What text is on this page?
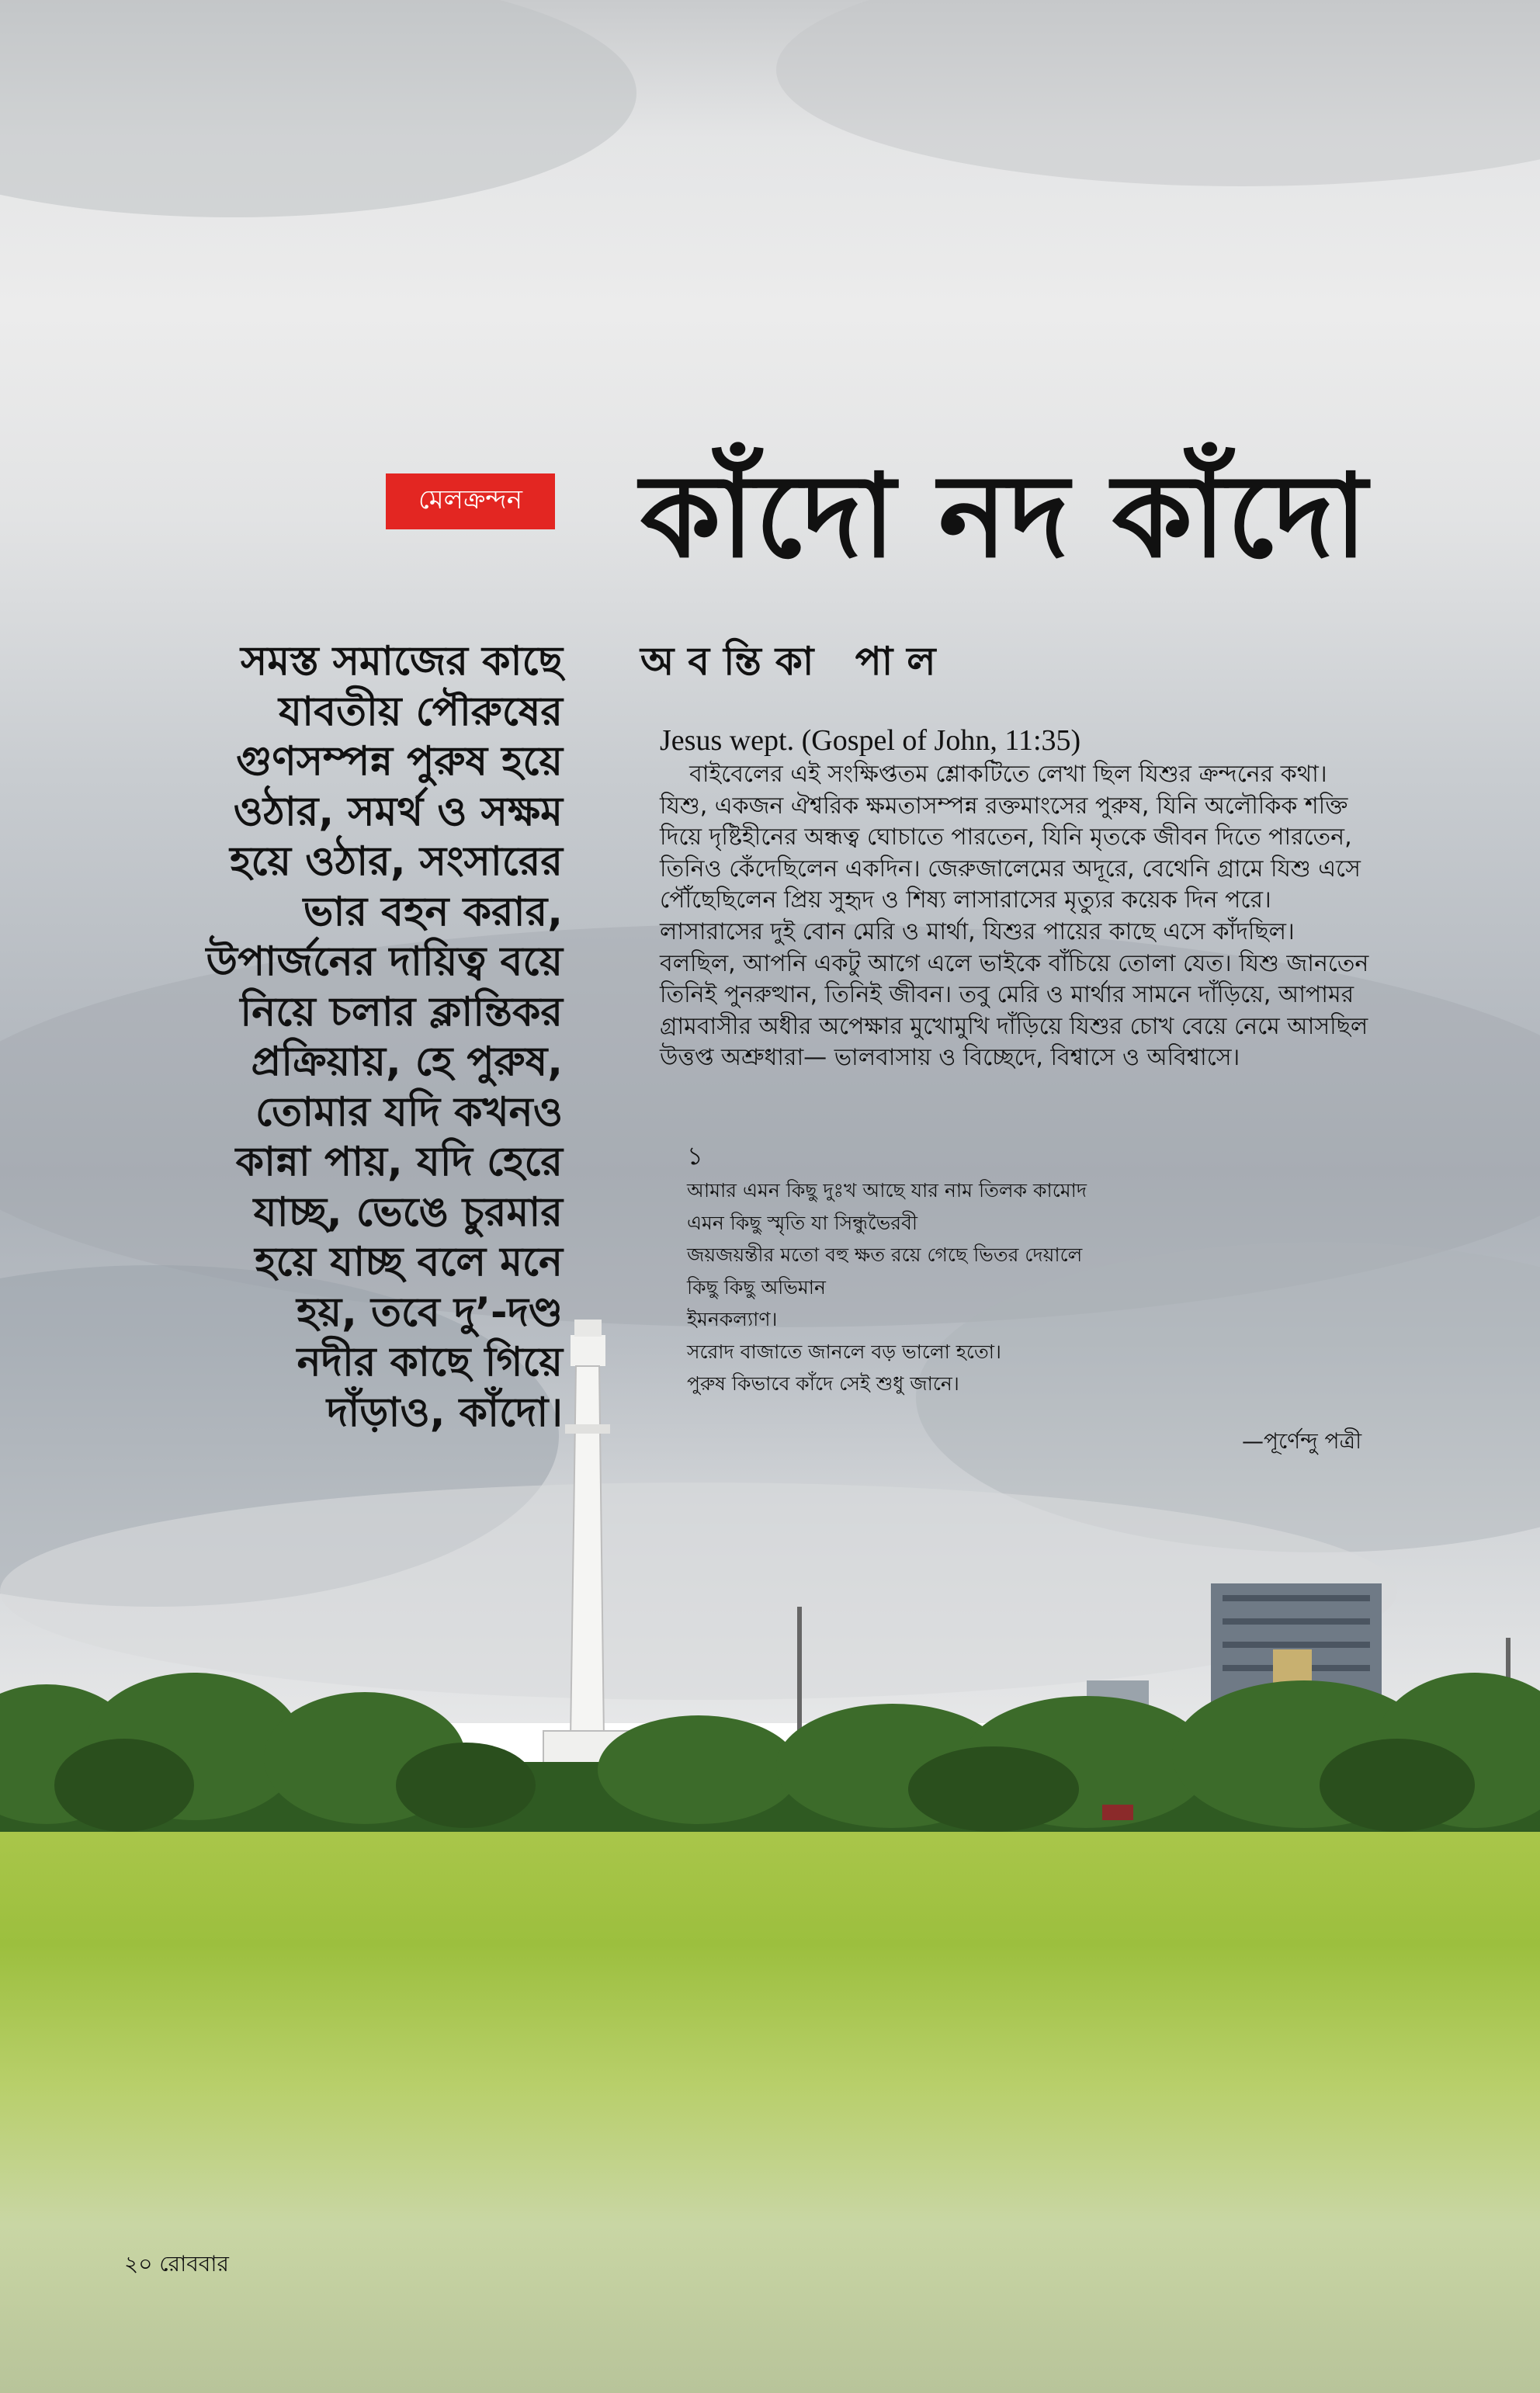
মেলক্রন্দন কাঁদো নদ কাঁদো
অবন্তিকা পাল
সমস্ত সমাজের কাছে
যাবতীয় পৌরুষের
গুণসম্পন্ন পুরুষ হয়ে
ওঠার, সমর্থ ও সক্ষম
হয়ে ওঠার, সংসারের
ভার বহন করার,
উপার্জনের দায়িত্ব বয়ে
নিয়ে চলার ক্লান্তিকর
প্রক্রিয়ায়, হে পুরুষ,
তোমার যদি কখনও
কান্না পায়, যদি হেরে
যাচ্ছ, ভেঙে চুরমার
হয়ে যাচ্ছ বলে মনে
হয়, তবে দু’-দণ্ড
নদীর কাছে গিয়ে
দাঁড়াও, কাঁদো।
Jesus wept. (Gospel of John, 11:35)
বাইবেলের এই সংক্ষিপ্ততম শ্লোকটিতে লেখা ছিল যিশুর ক্রন্দনের কথা।
যিশু, একজন ঐশ্বরিক ক্ষমতাসম্পন্ন রক্তমাংসের পুরুষ, যিনি অলৌকিক শক্তি
দিয়ে দৃষ্টিহীনের অন্ধত্ব ঘোচাতে পারতেন, যিনি মৃতকে জীবন দিতে পারতেন,
তিনিও কেঁদেছিলেন একদিন। জেরুজালেমের অদূরে, বেথেনি গ্রামে যিশু এসে
পৌঁছেছিলেন প্রিয় সুহৃদ ও শিষ্য লাসারাসের মৃত্যুর কয়েক দিন পরে।
লাসারাসের দুই বোন মেরি ও মার্থা, যিশুর পায়ের কাছে এসে কাঁদছিল।
বলছিল, আপনি একটু আগে এলে ভাইকে বাঁচিয়ে তোলা যেত। যিশু জানতেন
তিনিই পুনরুত্থান, তিনিই জীবন। তবু মেরি ও মার্থার সামনে দাঁড়িয়ে, আপামর
গ্রামবাসীর অধীর অপেক্ষার মুখোমুখি দাঁড়িয়ে যিশুর চোখ বেয়ে নেমে আসছিল
উত্তপ্ত অশ্রুধারা— ভালবাসায় ও বিচ্ছেদে, বিশ্বাসে ও অবিশ্বাসে।
১
আমার এমন কিছু দুঃখ আছে যার নাম তিলক কামোদ
এমন কিছু স্মৃতি যা সিন্ধুভৈরবী
জয়জয়ন্তীর মতো বহু ক্ষত রয়ে গেছে ভিতর দেয়ালে
কিছু কিছু অভিমান
ইমনকল্যাণ।
সরোদ বাজাতে জানলে বড় ভালো হতো।
পুরুষ কিভাবে কাঁদে সেই শুধু জানে।
—পূর্ণেন্দু পত্রী
২০ রোববার
